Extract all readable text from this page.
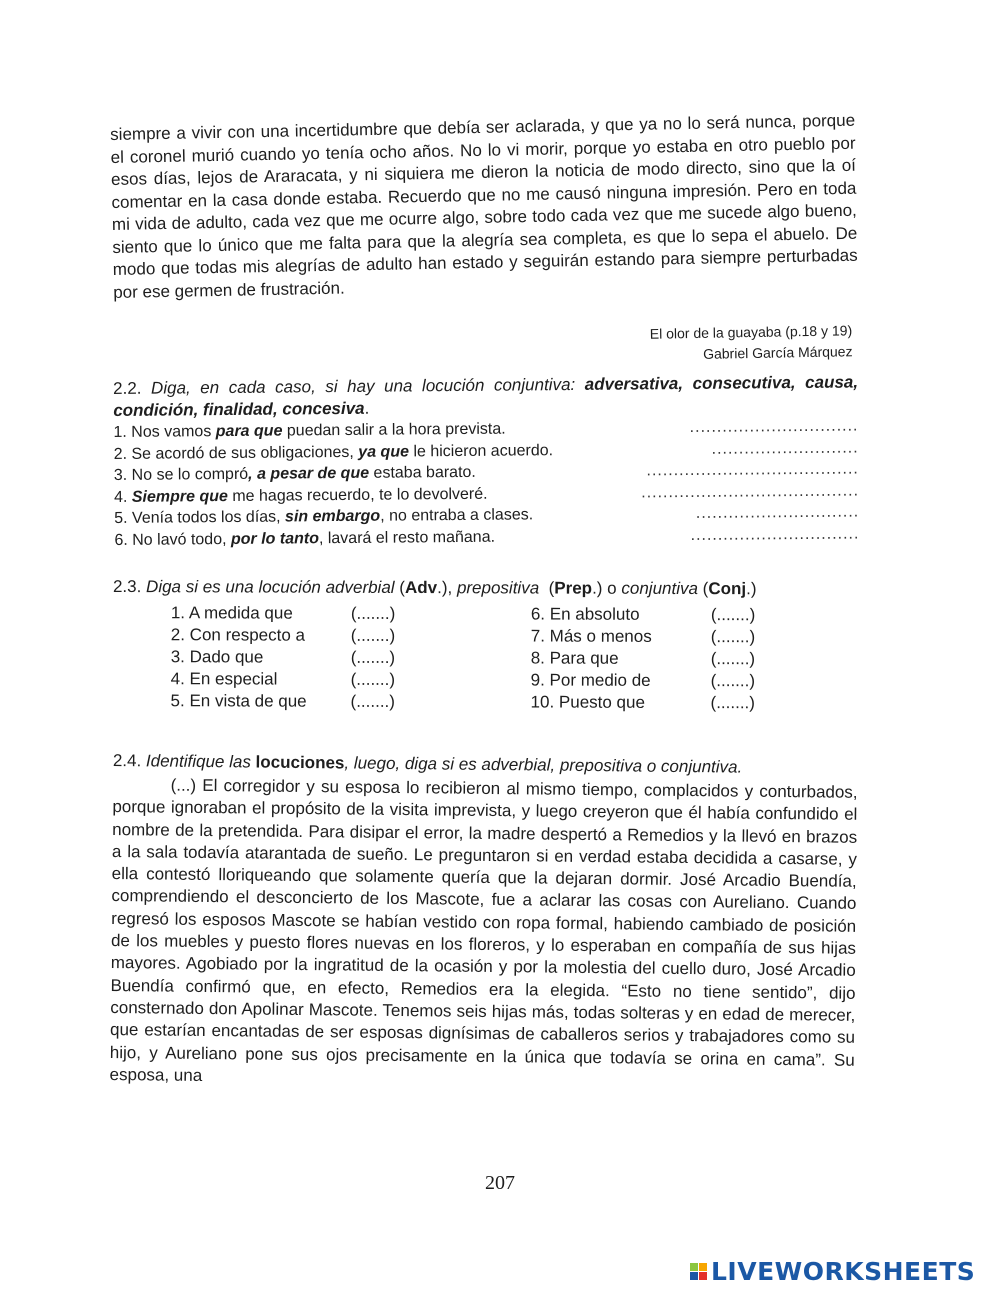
siempre a vivir con una incertidumbre que debía ser aclarada, y que ya no lo será nunca, porque el coronel murió cuando yo tenía ocho años. No lo vi morir, porque yo estaba en otro pueblo por esos días, lejos de Araracata, y ni siquiera me dieron la noticia de modo directo, sino que la oí comentar en la casa donde estaba. Recuerdo que no me causó ninguna impresión. Pero en toda mi vida de adulto, cada vez que me ocurre algo, sobre todo cada vez que me sucede algo bueno, siento que lo único que me falta para que la alegría sea completa, es que lo sepa el abuelo. De modo que todas mis alegrías de adulto han estado y seguirán estando para siempre perturbadas por ese germen de frustración.
El olor de la guayaba (p.18 y 19)
Gabriel García Márquez
2.2. Diga, en cada caso, si hay una locución conjuntiva: adversativa, consecutiva, causa, condición, finalidad, concesiva.
1. Nos vamos para que puedan salir a la hora prevista.	...............................
2. Se acordó de sus obligaciones, ya que le hicieron acuerdo.	...........................
3. No se lo compró, a pesar de que estaba barato.	.......................................
4. Siempre que me hagas recuerdo, te lo devolveré.	........................................
5. Venía todos los días, sin embargo, no entraba a clases.	..............................
6. No lavó todo, por lo tanto, lavará el resto mañana.	...............................
2.3. Diga si es una locución adverbial (Adv.), prepositiva  (Prep.) o conjuntiva (Conj.)
1. A medida que	(.......)
2. Con respecto a	(.......)
3. Dado que	(.......)
4. En especial	(.......)
5. En vista de que	(.......)
6. En absoluto	(.......)
7. Más o menos	(.......)
8. Para que	(.......)
9. Por medio de	(.......)
10. Puesto que	(.......)
2.4. Identifique las locuciones, luego, diga si es adverbial, prepositiva o conjuntiva.
(...) El corregidor y su esposa lo recibieron al mismo tiempo, complacidos y conturbados, porque ignoraban el propósito de la visita imprevista, y luego creyeron que él había confundido el nombre de la pretendida. Para disipar el error, la madre despertó a Remedios y la llevó en brazos a la sala todavía atarantada de sueño. Le preguntaron si en verdad estaba decidida a casarse, y ella contestó lloriqueando que solamente quería que la dejaran dormir. José Arcadio Buendía, comprendiendo el desconcierto de los Mascote, fue a aclarar las cosas con Aureliano. Cuando regresó los esposos Mascote se habían vestido con ropa formal, habiendo cambiado de posición de los muebles y puesto flores nuevas en los floreros, y lo esperaban en compañía de sus hijas mayores. Agobiado por la ingratitud de la ocasión y por la molestia del cuello duro, José Arcadio Buendía confirmó que, en efecto, Remedios era la elegida. “Esto no tiene sentido”, dijo consternado don Apolinar Mascote. Tenemos seis hijas más, todas solteras y en edad de merecer, que estarían encantadas de ser esposas dignísimas de caballeros serios y trabajadores como su hijo, y Aureliano pone sus ojos precisamente en la única que todavía se orina en cama”. Su esposa, una
207
LIVEWORKSHEETS
